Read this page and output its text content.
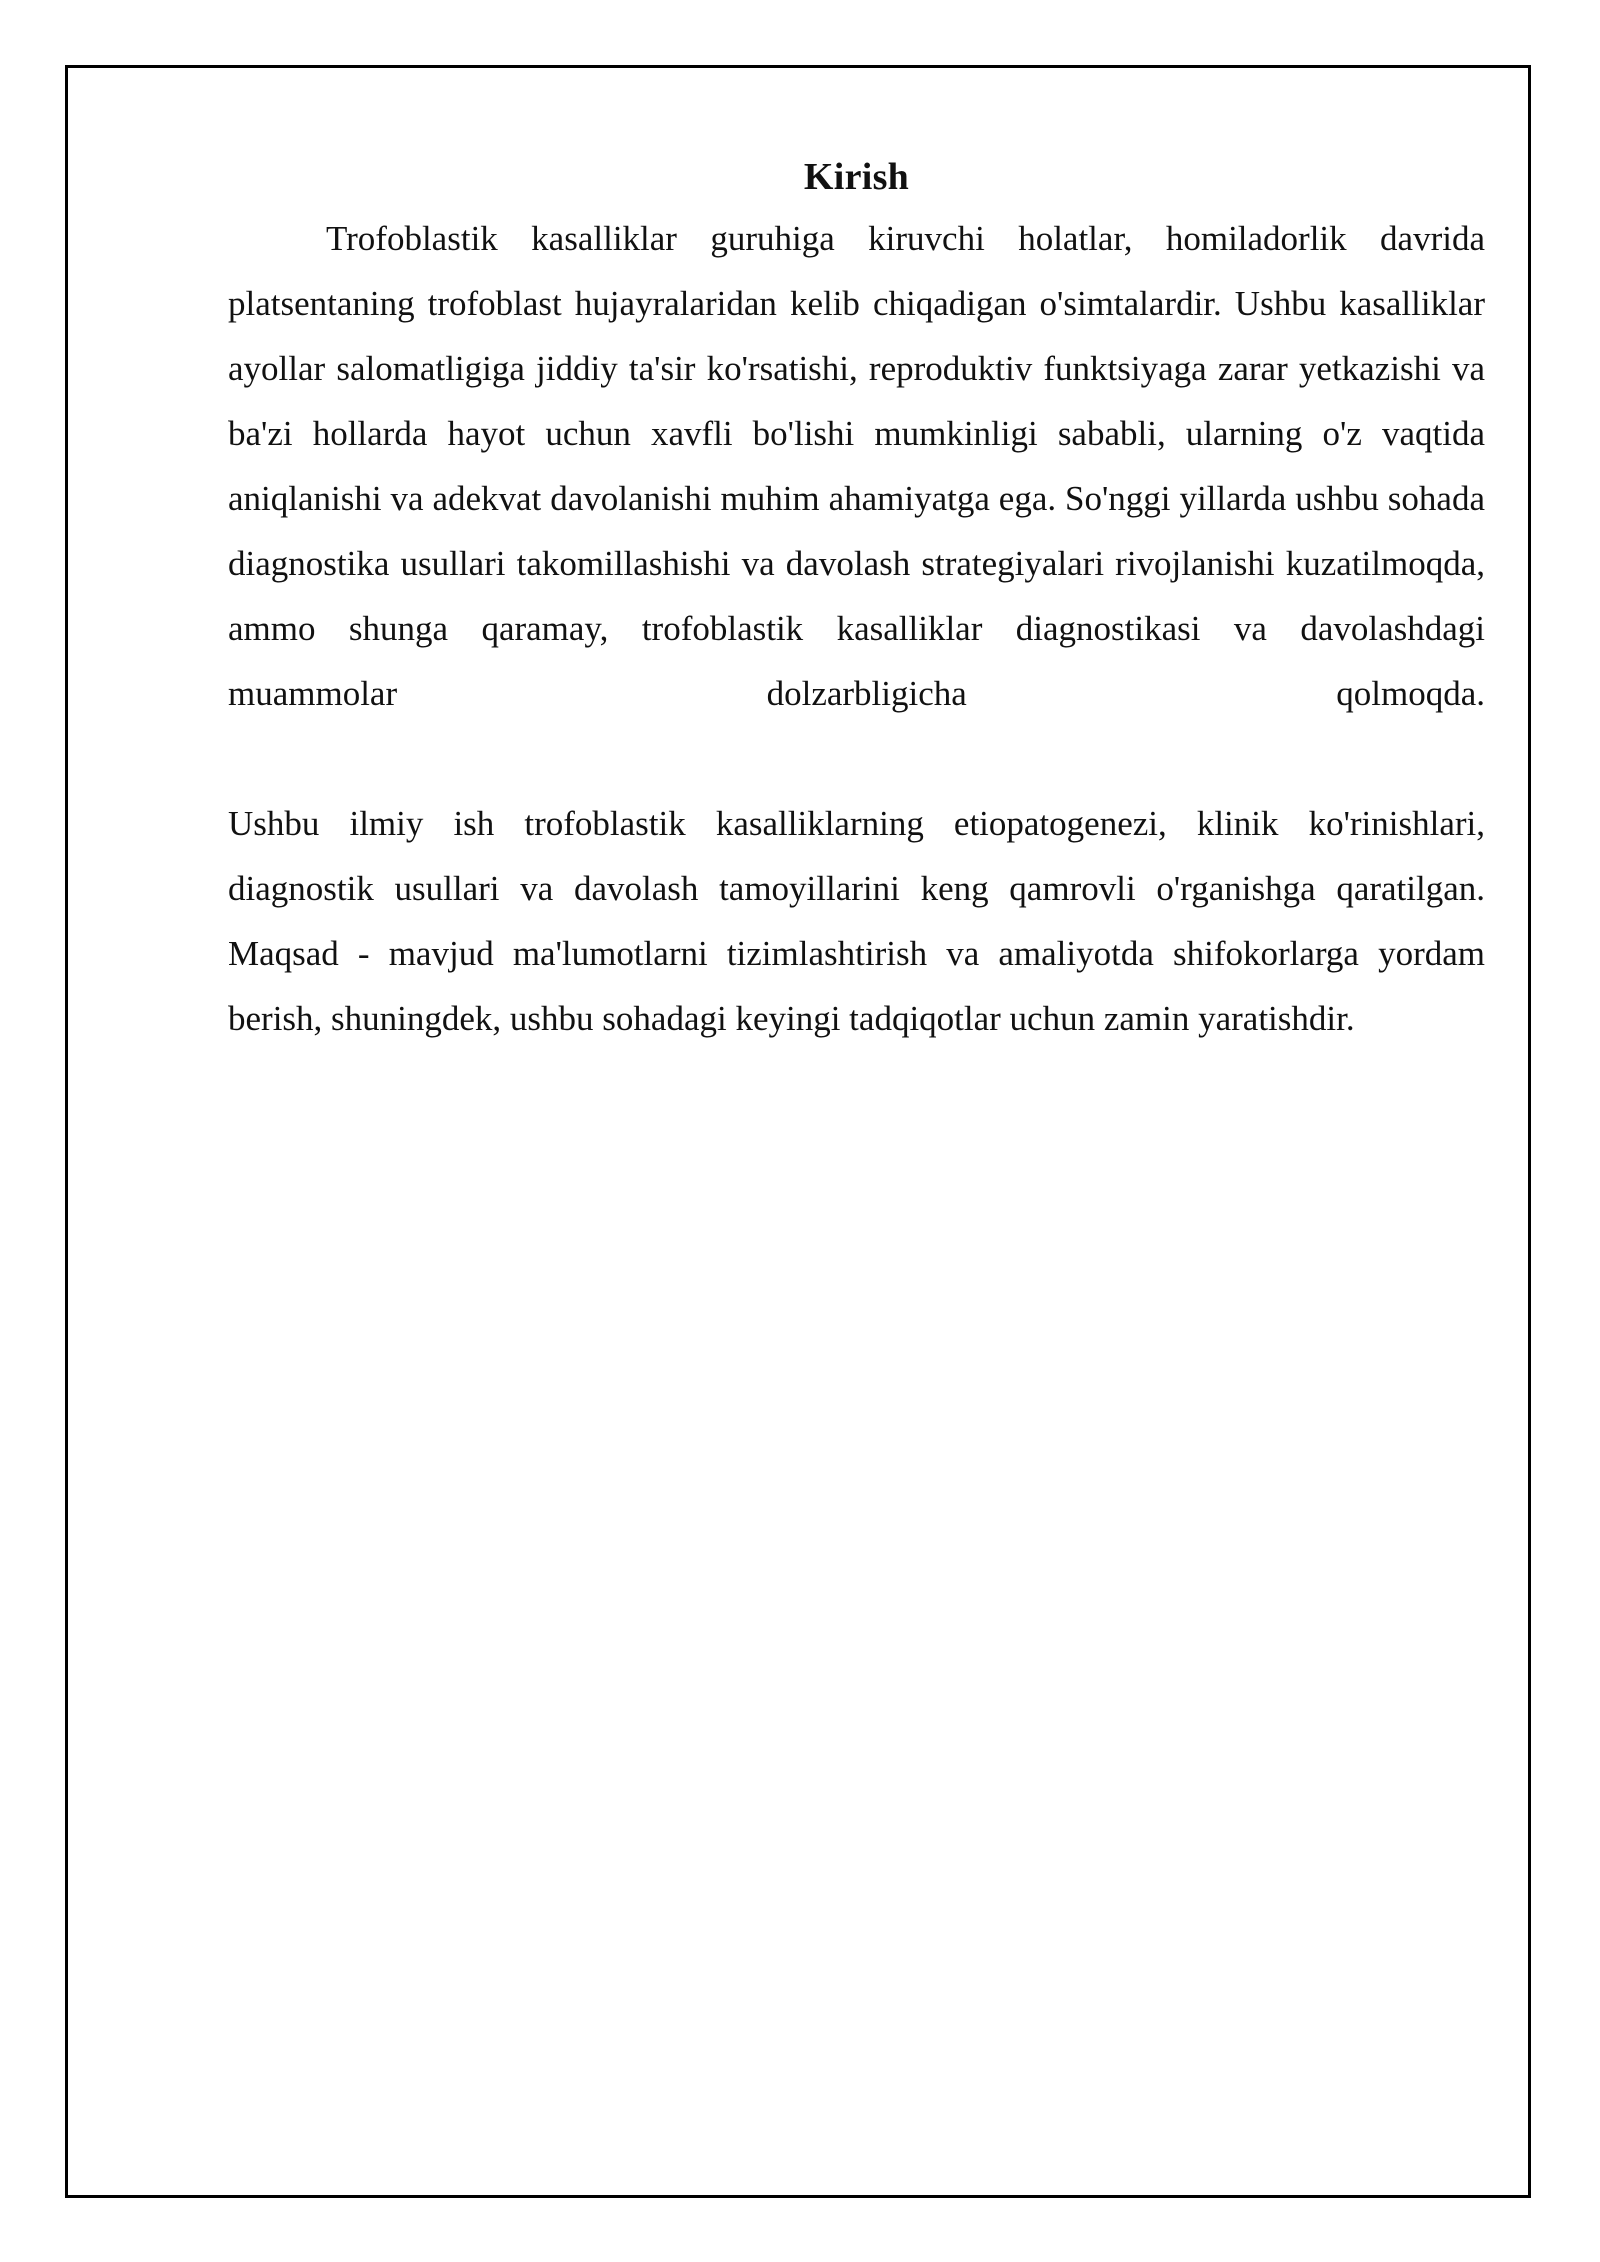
Kirish

Trofoblastik kasalliklar guruhiga kiruvchi holatlar, homiladorlik davrida platsentaning trofoblast hujayralaridan kelib chiqadigan o'simtalardir. Ushbu kasalliklar ayollar salomatligiga jiddiy ta'sir ko'rsatishi, reproduktiv funktsiyaga zarar yetkazishi va ba'zi hollarda hayot uchun xavfli bo'lishi mumkinligi sababli, ularning o'z vaqtida aniqlanishi va adekvat davolanishi muhim ahamiyatga ega. So'nggi yillarda ushbu sohada diagnostika usullari takomillashishi va davolash strategiyalari rivojlanishi kuzatilmoqda, ammo shunga qaramay, trofoblastik kasalliklar diagnostikasi va davolashdagi muammolar dolzarbligicha qolmoqda.

Ushbu ilmiy ish trofoblastik kasalliklarning etiopatogenezi, klinik ko'rinishlari, diagnostik usullari va davolash tamoyillarini keng qamrovli o'rganishga qaratilgan. Maqsad - mavjud ma'lumotlarni tizimlashtirish va amaliyotda shifokorlarga yordam berish, shuningdek, ushbu sohadagi keyingi tadqiqotlar uchun zamin yaratishdir.
